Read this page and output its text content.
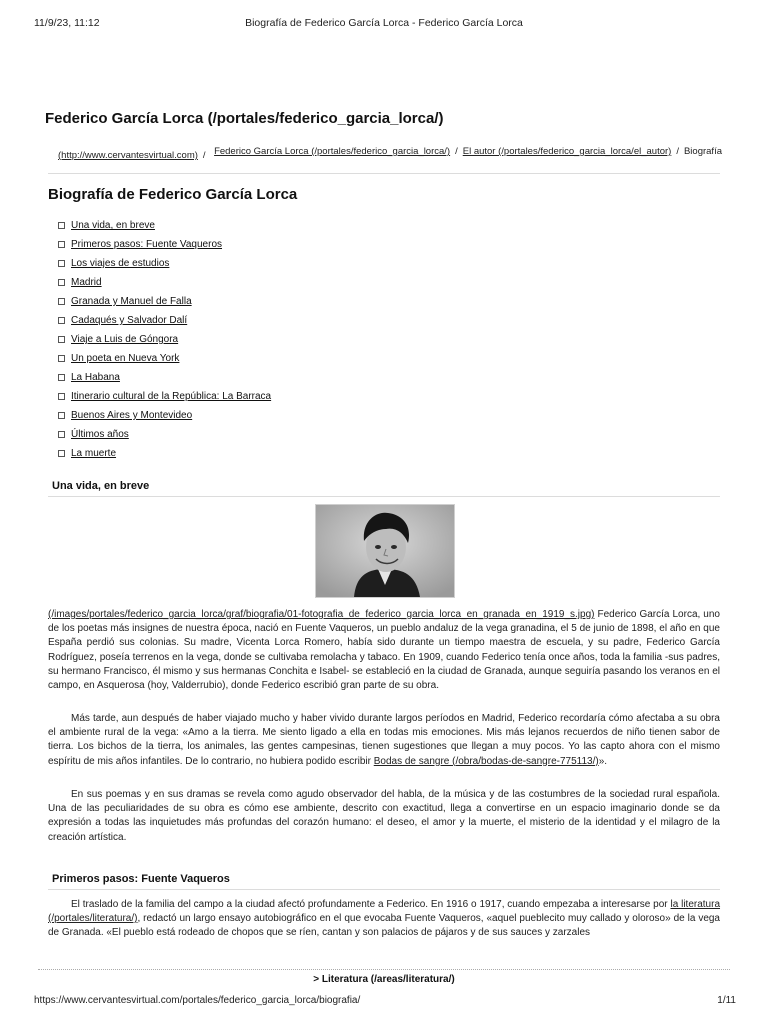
11/9/23, 11:12	Biografía de Federico García Lorca - Federico García Lorca
Federico García Lorca (/portales/federico_garcia_lorca/)
Federico García Lorca (/portales/federico_garcia_lorca/) / El autor (/portales/federico_garcia_lorca/el_autor) / Biografía
(http://www.cervantesvirtual.com) /
Biografía de Federico García Lorca
Una vida, en breve
Primeros pasos: Fuente Vaqueros
Los viajes de estudios
Madrid
Granada y Manuel de Falla
Cadaqués y Salvador Dalí
Viaje a Luis de Góngora
Un poeta en Nueva York
La Habana
Itinerario cultural de la República: La Barraca
Buenos Aires y Montevideo
Últimos años
La muerte
Una vida, en breve

(/images/portales/federico_garcia_lorca/graf/biografia/01-fotografia_de_federico_garcia_lorca_en_granada_en_1919_s.jpg) Federico García Lorca, uno de los poetas más insignes de nuestra época, nació en Fuente Vaqueros, un pueblo andaluz de la vega granadina, el 5 de junio de 1898, el año en que España perdió sus colonias. Su madre, Vicenta Lorca Romero, había sido durante un tiempo maestra de escuela, y su padre, Federico García Rodríguez, poseía terrenos en la vega, donde se cultivaba remolacha y tabaco. En 1909, cuando Federico tenía once años, toda la familia -sus padres, su hermano Francisco, él mismo y sus hermanas Conchita e Isabel- se estableció en la ciudad de Granada, aunque seguiría pasando los veranos en el campo, en Asquerosa (hoy, Valderrubio), donde Federico escribió gran parte de su obra.

Más tarde, aun después de haber viajado mucho y haber vivido durante largos períodos en Madrid, Federico recordaría cómo afectaba a su obra el ambiente rural de la vega: «Amo a la tierra. Me siento ligado a ella en todas mis emociones. Mis más lejanos recuerdos de niño tienen sabor de tierra. Los bichos de la tierra, los animales, las gentes campesinas, tienen sugestiones que llegan a muy pocos. Yo las capto ahora con el mismo espíritu de mis años infantiles. De lo contrario, no hubiera podido escribir Bodas de sangre (/obra/bodas-de-sangre-775113/)».

En sus poemas y en sus dramas se revela como agudo observador del habla, de la música y de las costumbres de la sociedad rural española. Una de las peculiaridades de su obra es cómo ese ambiente, descrito con exactitud, llega a convertirse en un espacio imaginario donde se da expresión a todas las inquietudes más profundas del corazón humano: el deseo, el amor y la muerte, el misterio de la identidad y el milagro de la creación artística.

Primeros pasos: Fuente Vaqueros

El traslado de la familia del campo a la ciudad afectó profundamente a Federico. En 1916 o 1917, cuando empezaba a interesarse por la literatura (/portales/literatura/), redactó un largo ensayo autobiográfico en el que evocaba Fuente Vaqueros, «aquel pueblecito muy callado y oloroso» de la vega de Granada. «El pueblo está rodeado de chopos que se ríen, cantan y son palacios de pájaros y de sus sauces y zarzales

> Literatura (/areas/literatura/)
https://www.cervantesvirtual.com/portales/federico_garcia_lorca/biografia/	1/11
